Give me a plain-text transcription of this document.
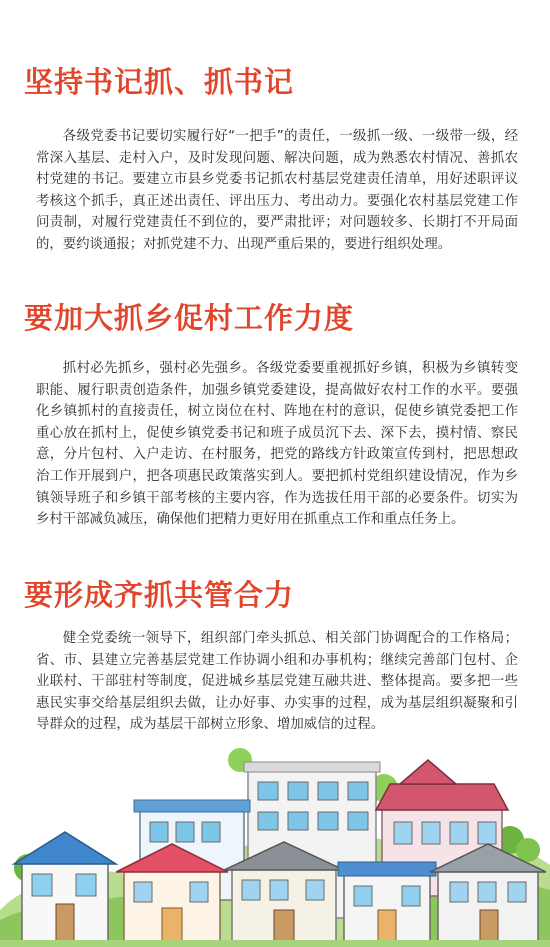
坚持书记抓、抓书记

各级党委书记要切实履行好“一把手”的责任，一级抓一级、一级带一级，经常深入基层、走村入户，及时发现问题、解决问题，成为熟悉农村情况、善抓农村党建的书记。要建立市县乡党委书记抓农村基层党建责任清单，用好述职评议考核这个抓手，真正述出责任、评出压力、考出动力。要强化农村基层党建工作问责制，对履行党建责任不到位的，要严肃批评；对问题较多、长期打不开局面的，要约谈通报；对抓党建不力、出现严重后果的，要进行组织处理。

要加大抓乡促村工作力度

抓村必先抓乡，强村必先强乡。各级党委要重视抓好乡镇，积极为乡镇转变职能、履行职责创造条件，加强乡镇党委建设，提高做好农村工作的水平。要强化乡镇抓村的直接责任，树立岗位在村、阵地在村的意识，促使乡镇党委把工作重心放在抓村上，促使乡镇党委书记和班子成员沉下去、深下去，摸村情、察民意，分片包村、入户走访、在村服务，把党的路线方针政策宣传到村，把思想政治工作开展到户，把各项惠民政策落实到人。要把抓村党组织建设情况，作为乡镇领导班子和乡镇干部考核的主要内容，作为选拔任用干部的必要条件。切实为乡村干部减负减压，确保他们把精力更好用在抓重点工作和重点任务上。

要形成齐抓共管合力

健全党委统一领导下，组织部门牵头抓总、相关部门协调配合的工作格局；省、市、县建立完善基层党建工作协调小组和办事机构；继续完善部门包村、企业联村、干部驻村等制度，促进城乡基层党建互融共进、整体提高。要多把一些惠民实事交给基层组织去做，让办好事、办实事的过程，成为基层组织凝聚和引导群众的过程，成为基层干部树立形象、增加威信的过程。
